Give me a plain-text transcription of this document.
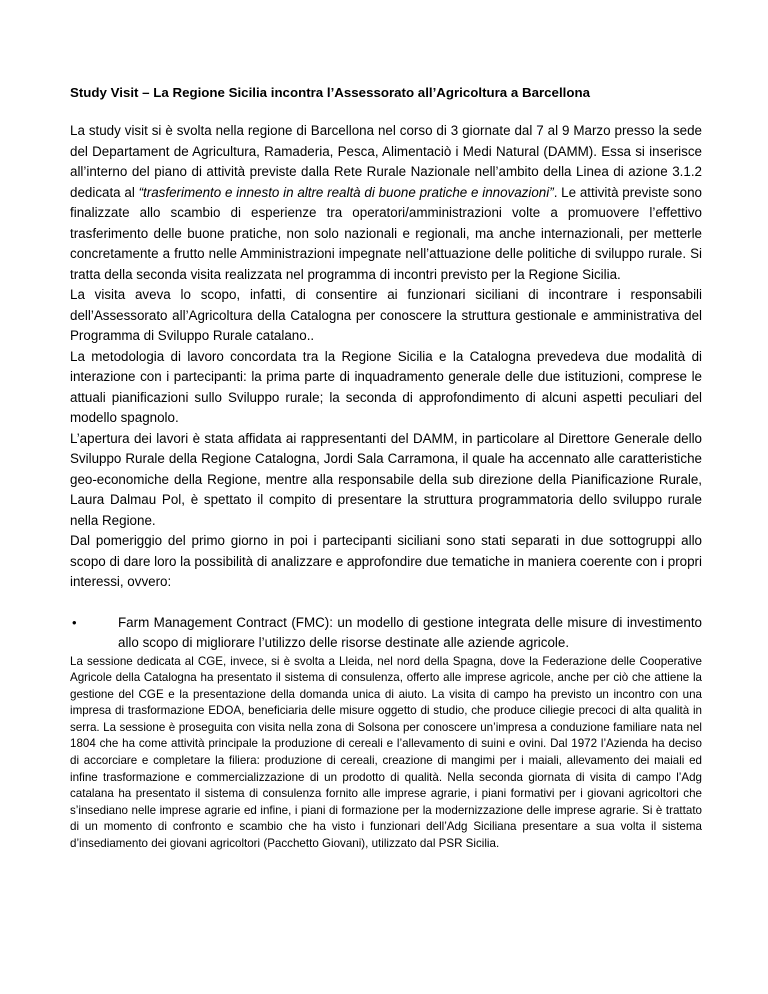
Study Visit – La Regione Sicilia incontra l’Assessorato all’Agricoltura a Barcellona

La study visit si è svolta nella regione di Barcellona nel corso di 3 giornate dal 7 al 9 Marzo presso la sede del Departament de Agricultura, Ramaderia, Pesca, Alimentaciò i Medi Natural (DAMM). Essa si inserisce all’interno del piano di attività previste dalla Rete Rurale Nazionale nell’ambito della Linea di azione 3.1.2 dedicata al “trasferimento e innesto in altre realtà di buone pratiche e innovazioni”. Le attività previste sono finalizzate allo scambio di esperienze tra operatori/amministrazioni volte a promuovere l’effettivo trasferimento delle buone pratiche, non solo nazionali e regionali, ma anche internazionali, per metterle concretamente a frutto nelle Amministrazioni impegnate nell’attuazione delle politiche di sviluppo rurale. Si tratta della seconda visita realizzata nel programma di incontri previsto per la Regione Sicilia.

La visita aveva lo scopo, infatti, di consentire ai funzionari siciliani di incontrare i responsabili dell’Assessorato all’Agricoltura della Catalogna per conoscere la struttura gestionale e amministrativa del Programma di Sviluppo Rurale catalano..

La metodologia di lavoro concordata tra la Regione Sicilia e la Catalogna prevedeva due modalità di interazione con i partecipanti: la prima parte di inquadramento generale delle due istituzioni, comprese le attuali pianificazioni sullo Sviluppo rurale; la seconda di approfondimento di alcuni aspetti peculiari del modello spagnolo.

L’apertura dei lavori è stata affidata ai rappresentanti del DAMM, in particolare al Direttore Generale dello Sviluppo Rurale della Regione Catalogna, Jordi Sala Carramona, il quale ha accennato alle caratteristiche geo-economiche della Regione, mentre alla responsabile della sub direzione della Pianificazione Rurale, Laura Dalmau Pol, è spettato il compito di presentare la struttura programmatoria dello sviluppo rurale nella Regione.

Dal pomeriggio del primo giorno in poi i partecipanti siciliani sono stati separati in due sottogruppi allo scopo di dare loro la possibilità di analizzare e approfondire due tematiche in maniera coerente con i propri interessi, ovvero:

•	Farm Management Contract (FMC): un modello di gestione integrata delle misure di investimento allo scopo di migliorare l’utilizzo delle risorse destinate alle aziende agricole.

La sessione dedicata al CGE, invece, si è svolta a Lleida, nel nord della Spagna, dove la Federazione delle Cooperative Agricole della Catalogna ha presentato il sistema di consulenza, offerto alle imprese agricole, anche per ciò che attiene la gestione del CGE e la presentazione della domanda unica di aiuto. La visita di campo ha previsto un incontro con una impresa di trasformazione EDOA, beneficiaria delle misure oggetto di studio, che produce ciliegie precoci di alta qualità in serra. La sessione è proseguita con visita nella zona di Solsona per conoscere un’impresa a conduzione familiare nata nel 1804 che ha come attività principale la produzione di cereali e l’allevamento di suini e ovini. Dal 1972 l’Azienda ha deciso di accorciare e completare la filiera: produzione di cereali, creazione di mangimi per i maiali, allevamento dei maiali ed infine trasformazione e commercializzazione di un prodotto di qualità. Nella seconda giornata di visita di campo l’Adg catalana ha presentato il sistema di consulenza fornito alle imprese agrarie, i piani formativi per i giovani agricoltori che s’insediano nelle imprese agrarie ed infine, i piani di formazione per la modernizzazione delle imprese agrarie. Si è trattato di un momento di confronto e scambio che ha visto i funzionari dell’Adg Siciliana presentare a sua volta il sistema d’insediamento dei giovani agricoltori (Pacchetto Giovani), utilizzato dal PSR Sicilia.
